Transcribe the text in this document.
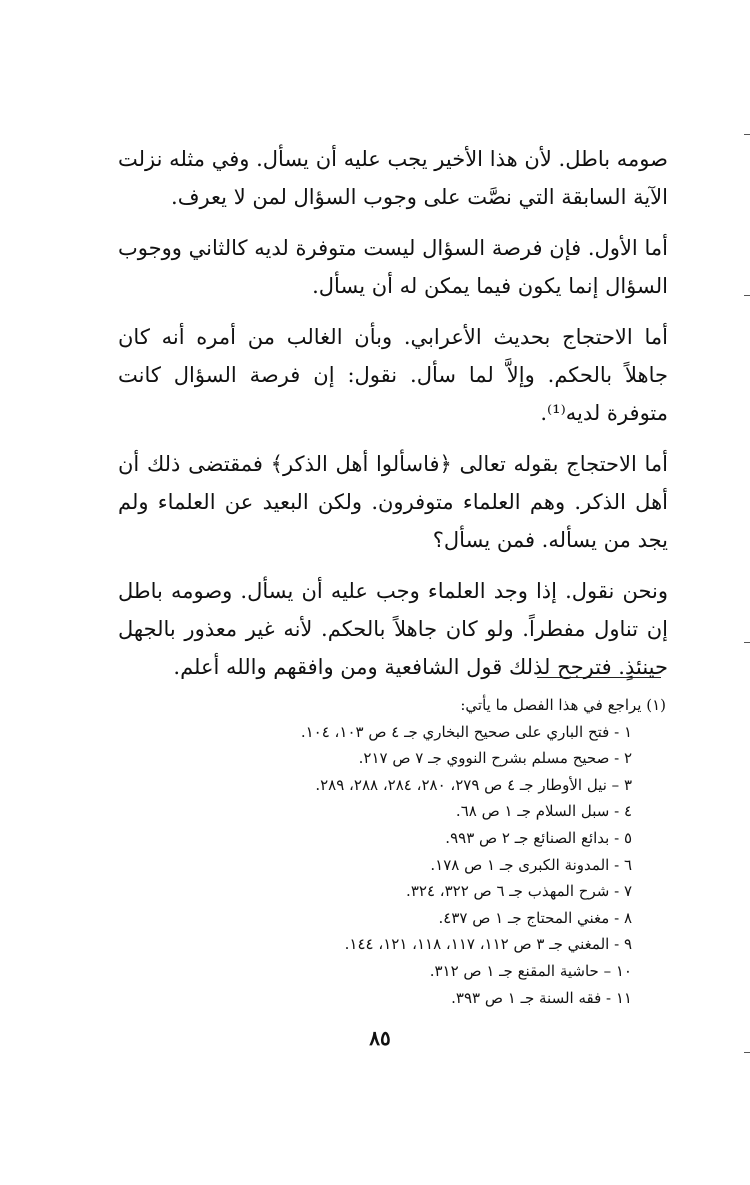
صومه باطل. لأن هذا الأخير يجب عليه أن يسأل. وفي مثله نزلت الآية السابقة التي نصَّت على وجوب السؤال لمن لا يعرف.

أما الأول. فإن فرصة السؤال ليست متوفرة لديه كالثاني ووجوب السؤال إنما يكون فيما يمكن له أن يسأل.

أما الاحتجاج بحديث الأعرابي. وبأن الغالب من أمره أنه كان جاهلاً بالحكم. وإلاَّ لما سأل. نقول: إن فرصة السؤال كانت متوفرة لديه⁽¹⁾.

أما الاحتجاج بقوله تعالى ﴿فاسألوا أهل الذكر﴾ فمقتضى ذلك أن أهل الذكر. وهم العلماء متوفرون. ولكن البعيد عن العلماء ولم يجد من يسأله. فمن يسأل؟

ونحن نقول. إذا وجد العلماء وجب عليه أن يسأل. وصومه باطل إن تناول مفطراً. ولو كان جاهلاً بالحكم. لأنه غير معذور بالجهل حينئذٍ. فترجح لذلك قول الشافعية ومن وافقهم والله أعلم.

(١) يراجع في هذا الفصل ما يأتي:

١ - فتح الباري على صحيح البخاري جـ ٤ ص ١٠٣، ١٠٤.
٢ - صحيح مسلم بشرح النووي جـ ٧ ص ٢١٧.
٣ – نيل الأوطار جـ ٤ ص ٢٧٩، ٢٨٠، ٢٨٤، ٢٨٨، ٢٨٩.
٤ - سبل السلام جـ ١ ص ٦٨.
٥ - بدائع الصنائع جـ ٢ ص ٩٩٣.
٦ - المدونة الكبرى جـ ١ ص ١٧٨.
٧ - شرح المهذب جـ ٦ ص ٣٢٢، ٣٢٤.
٨ - مغني المحتاج جـ ١ ص ٤٣٧.
٩ - المغني جـ ٣ ص ١١٢، ١١٧، ١١٨، ١٢١، ١٤٤.
١٠ – حاشية المقنع جـ ١ ص ٣١٢.
١١ - فقه السنة جـ ١ ص ٣٩٣.
٨٥
